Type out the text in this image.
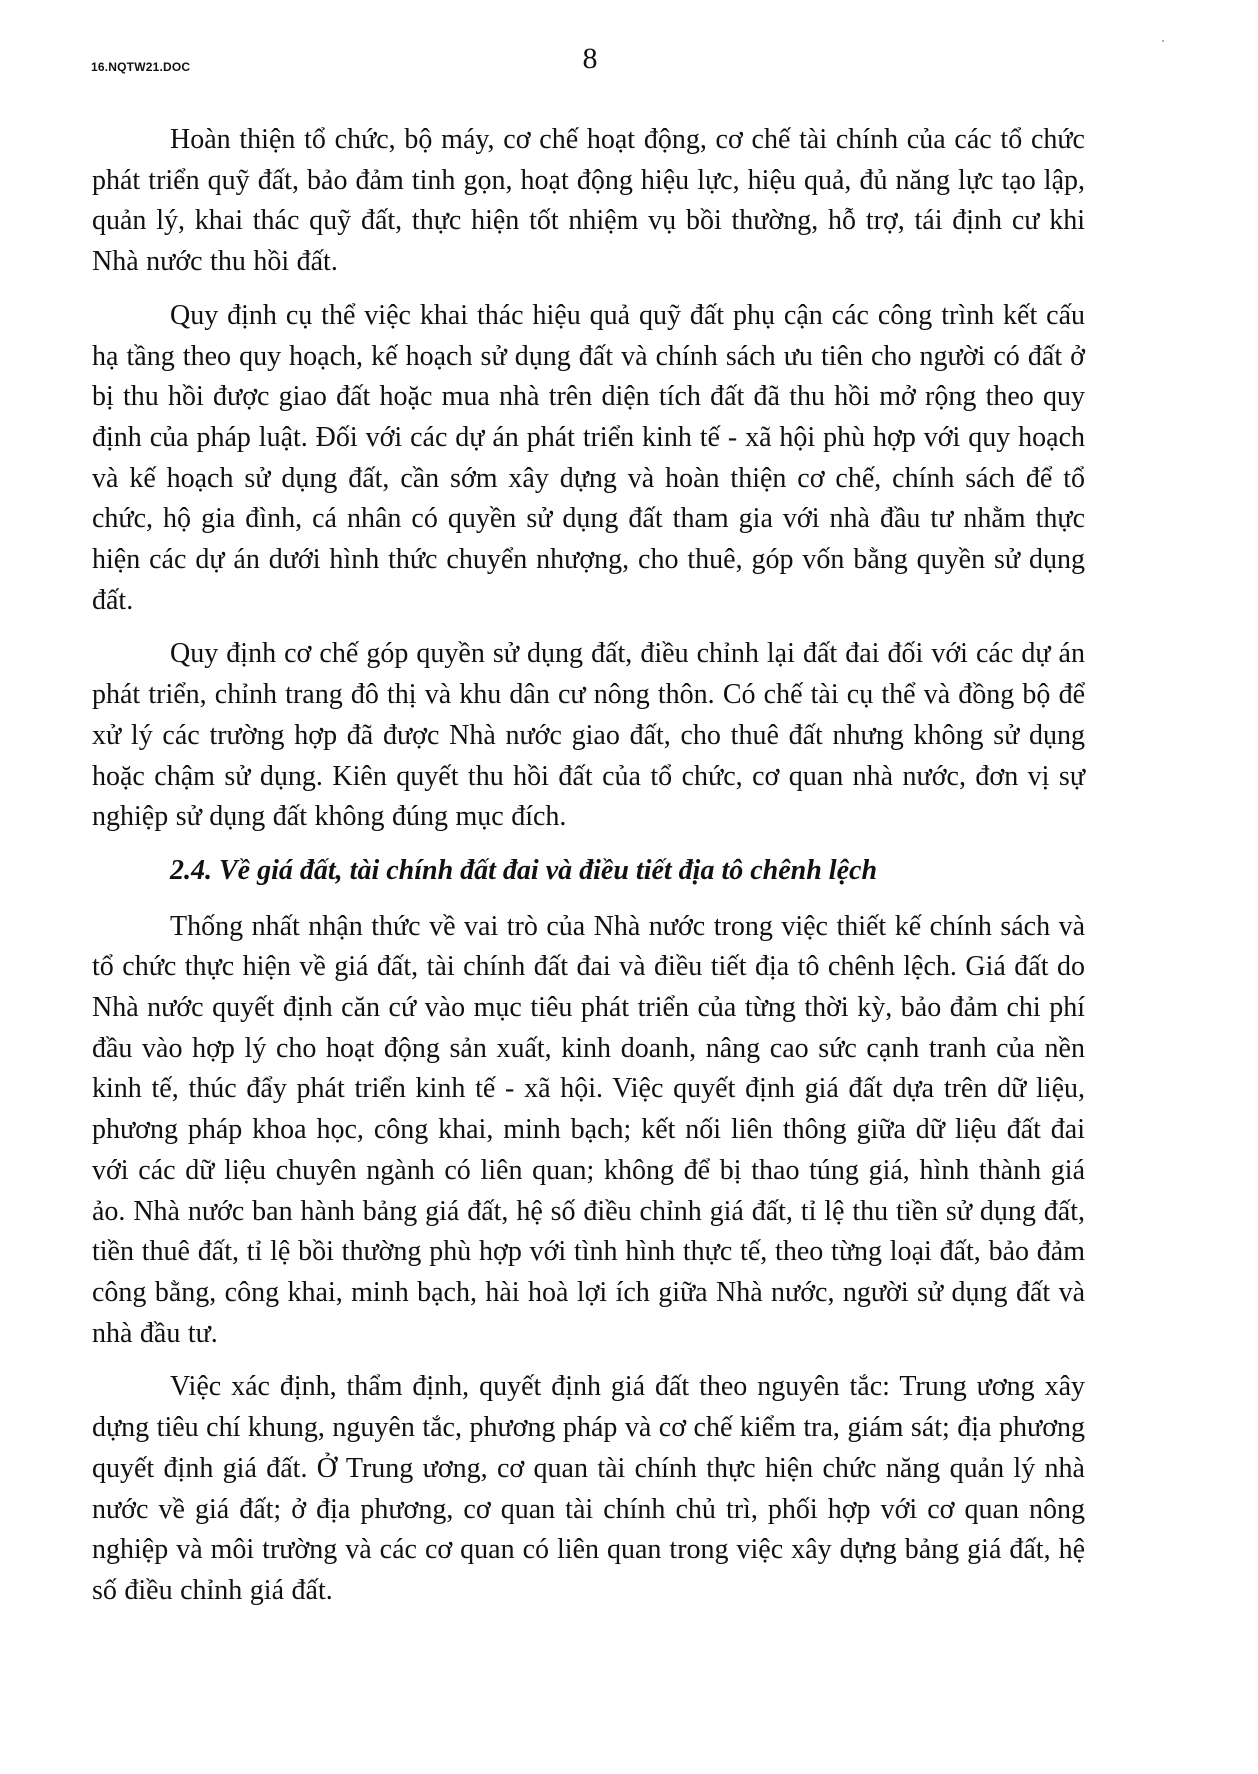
16.NQTW21.DOC	8

Hoàn thiện tổ chức, bộ máy, cơ chế hoạt động, cơ chế tài chính của các tổ chức phát triển quỹ đất, bảo đảm tinh gọn, hoạt động hiệu lực, hiệu quả, đủ năng lực tạo lập, quản lý, khai thác quỹ đất, thực hiện tốt nhiệm vụ bồi thường, hỗ trợ, tái định cư khi Nhà nước thu hồi đất.

Quy định cụ thể việc khai thác hiệu quả quỹ đất phụ cận các công trình kết cấu hạ tầng theo quy hoạch, kế hoạch sử dụng đất và chính sách ưu tiên cho người có đất ở bị thu hồi được giao đất hoặc mua nhà trên diện tích đất đã thu hồi mở rộng theo quy định của pháp luật. Đối với các dự án phát triển kinh tế - xã hội phù hợp với quy hoạch và kế hoạch sử dụng đất, cần sớm xây dựng và hoàn thiện cơ chế, chính sách để tổ chức, hộ gia đình, cá nhân có quyền sử dụng đất tham gia với nhà đầu tư nhằm thực hiện các dự án dưới hình thức chuyển nhượng, cho thuê, góp vốn bằng quyền sử dụng đất.

Quy định cơ chế góp quyền sử dụng đất, điều chỉnh lại đất đai đối với các dự án phát triển, chỉnh trang đô thị và khu dân cư nông thôn. Có chế tài cụ thể và đồng bộ để xử lý các trường hợp đã được Nhà nước giao đất, cho thuê đất nhưng không sử dụng hoặc chậm sử dụng. Kiên quyết thu hồi đất của tổ chức, cơ quan nhà nước, đơn vị sự nghiệp sử dụng đất không đúng mục đích.

2.4. Về giá đất, tài chính đất đai và điều tiết địa tô chênh lệch

Thống nhất nhận thức về vai trò của Nhà nước trong việc thiết kế chính sách và tổ chức thực hiện về giá đất, tài chính đất đai và điều tiết địa tô chênh lệch. Giá đất do Nhà nước quyết định căn cứ vào mục tiêu phát triển của từng thời kỳ, bảo đảm chi phí đầu vào hợp lý cho hoạt động sản xuất, kinh doanh, nâng cao sức cạnh tranh của nền kinh tế, thúc đẩy phát triển kinh tế - xã hội. Việc quyết định giá đất dựa trên dữ liệu, phương pháp khoa học, công khai, minh bạch; kết nối liên thông giữa dữ liệu đất đai với các dữ liệu chuyên ngành có liên quan; không để bị thao túng giá, hình thành giá ảo. Nhà nước ban hành bảng giá đất, hệ số điều chỉnh giá đất, tỉ lệ thu tiền sử dụng đất, tiền thuê đất, tỉ lệ bồi thường phù hợp với tình hình thực tế, theo từng loại đất, bảo đảm công bằng, công khai, minh bạch, hài hoà lợi ích giữa Nhà nước, người sử dụng đất và nhà đầu tư.

Việc xác định, thẩm định, quyết định giá đất theo nguyên tắc: Trung ương xây dựng tiêu chí khung, nguyên tắc, phương pháp và cơ chế kiểm tra, giám sát; địa phương quyết định giá đất. Ở Trung ương, cơ quan tài chính thực hiện chức năng quản lý nhà nước về giá đất; ở địa phương, cơ quan tài chính chủ trì, phối hợp với cơ quan nông nghiệp và môi trường và các cơ quan có liên quan trong việc xây dựng bảng giá đất, hệ số điều chỉnh giá đất.
